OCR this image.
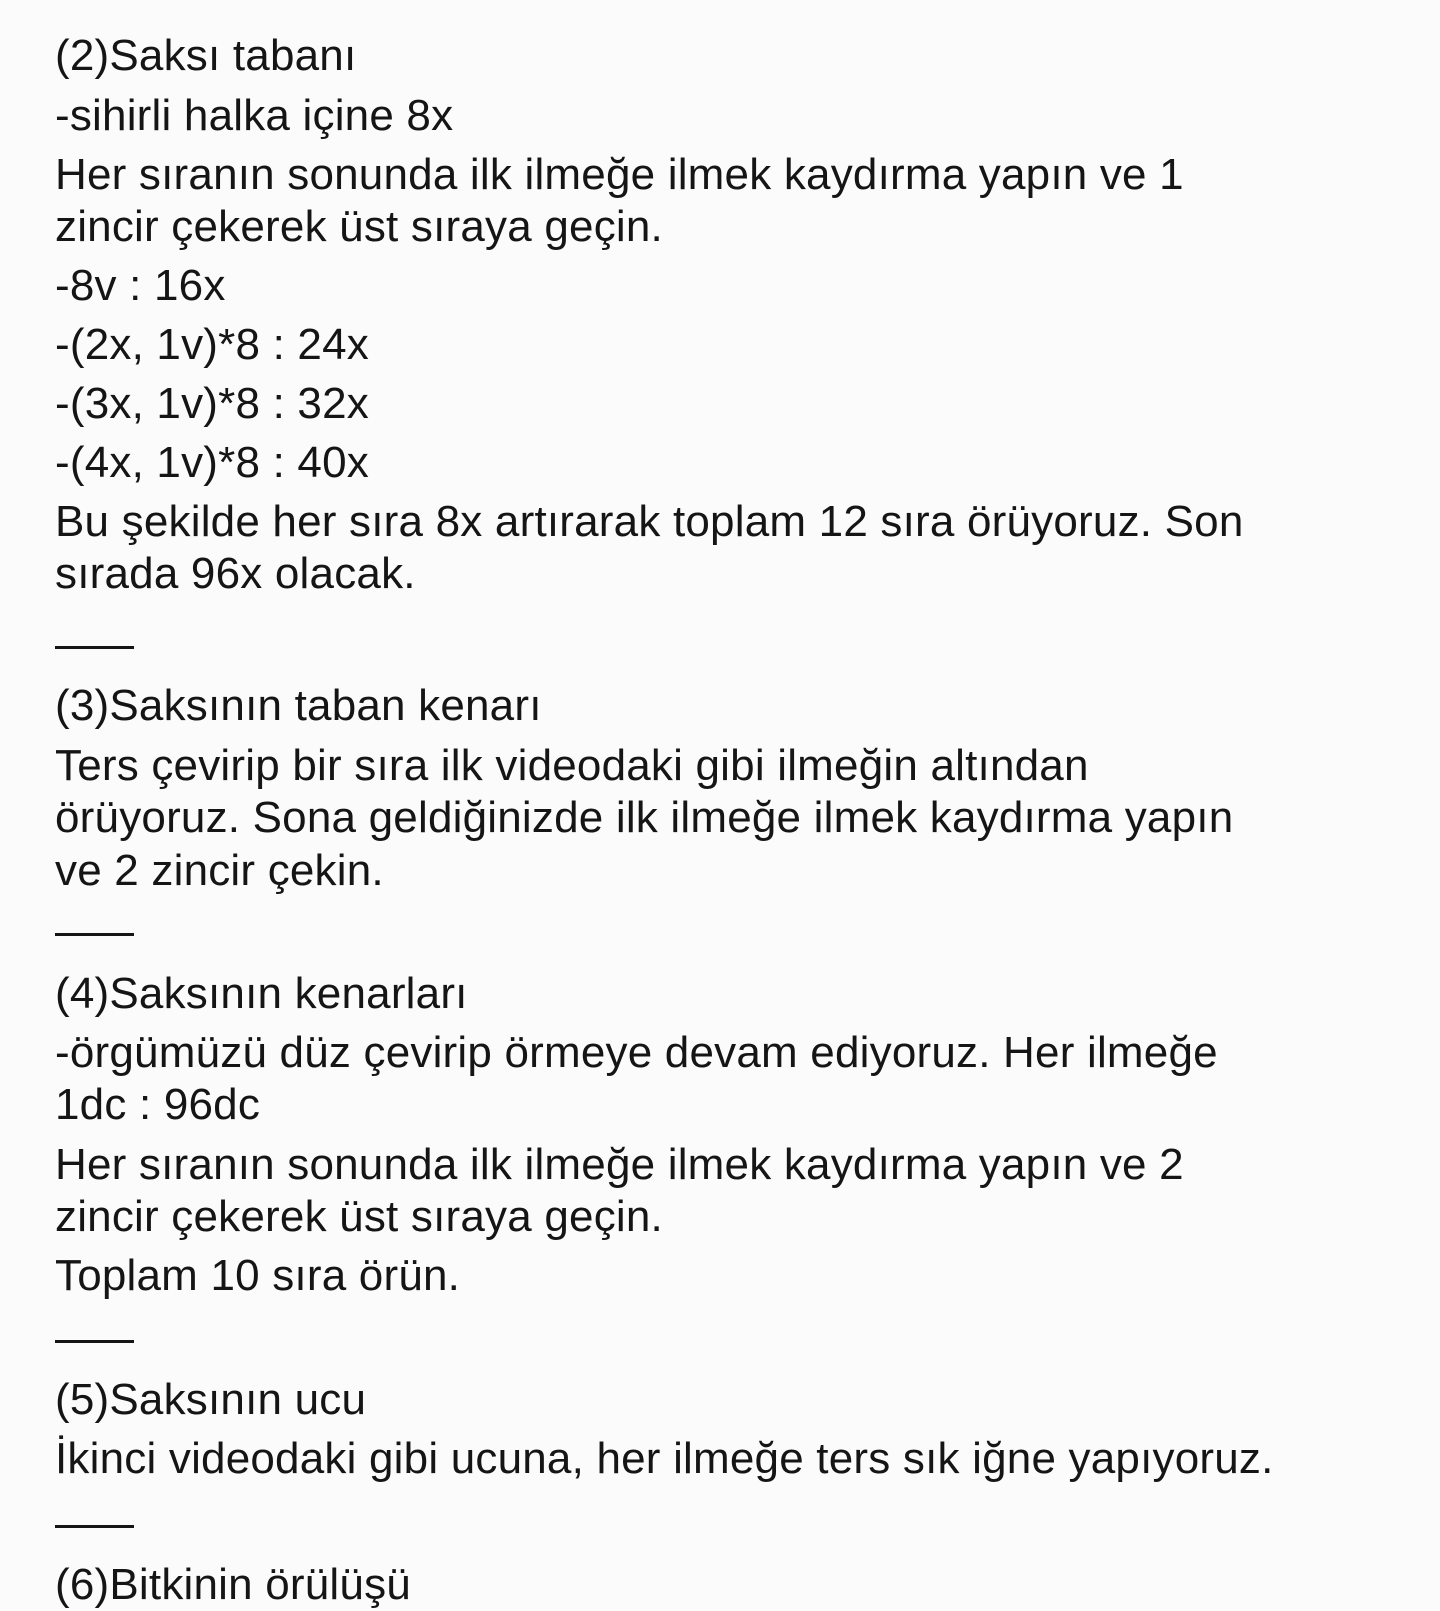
(2)Saksı tabanı
-sihirli halka içine 8x
Her sıranın sonunda ilk ilmeğe ilmek kaydırma yapın ve 1
zincir çekerek üst sıraya geçin.
-8v : 16x
-(2x, 1v)*8 : 24x
-(3x, 1v)*8 : 32x
-(4x, 1v)*8 : 40x
Bu şekilde her sıra 8x artırarak toplam 12 sıra örüyoruz. Son
sırada 96x olacak.
(3)Saksının taban kenarı
Ters çevirip bir sıra ilk videodaki gibi ilmeğin altından
örüyoruz. Sona geldiğinizde ilk ilmeğe ilmek kaydırma yapın
ve 2 zincir çekin.
(4)Saksının kenarları
-örgümüzü düz çevirip örmeye devam ediyoruz. Her ilmeğe
1dc : 96dc
Her sıranın sonunda ilk ilmeğe ilmek kaydırma yapın ve 2
zincir çekerek üst sıraya geçin.
Toplam 10 sıra örün.
(5)Saksının ucu
İkinci videodaki gibi ucuna, her ilmeğe ters sık iğne yapıyoruz.
(6)Bitkinin örülüşü
